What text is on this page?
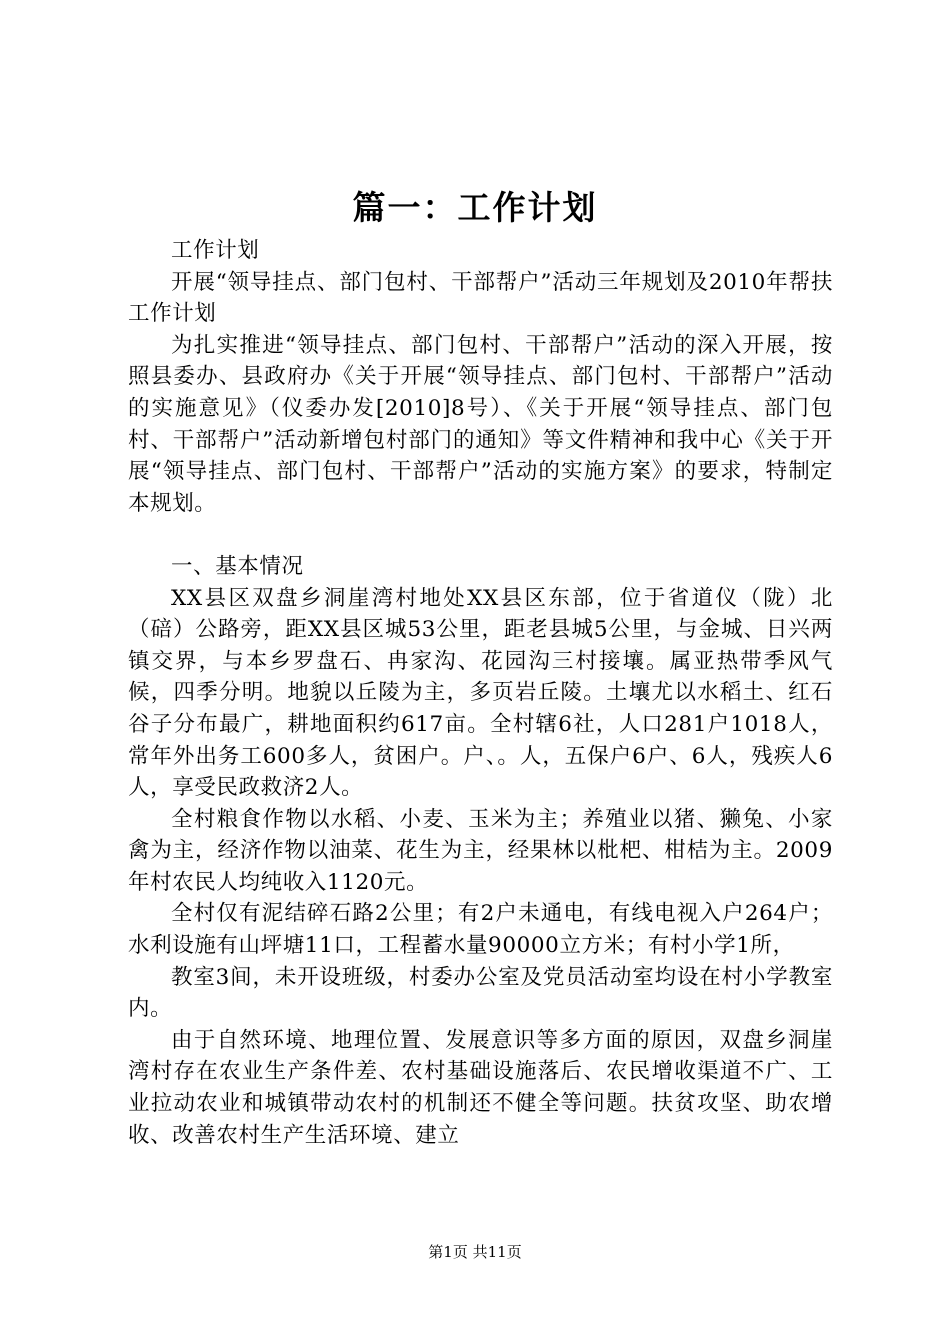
篇一：工作计划

工作计划

开展“领导挂点、部门包村、干部帮户”活动三年规划及2010年帮扶工作计划

为扎实推进“领导挂点、部门包村、干部帮户”活动的深入开展，按照县委办、县政府办《关于开展“领导挂点、部门包村、干部帮户”活动的实施意见》（仪委办发[2010]8号）、《关于开展“领导挂点、部门包村、干部帮户”活动新增包村部门的通知》等文件精神和我中心《关于开展“领导挂点、部门包村、干部帮户”活动的实施方案》的要求，特制定本规划。

一、基本情况

XX县区双盘乡洞崖湾村地处XX县区东部，位于省道仪（陇）北（碚）公路旁，距XX县区城53公里，距老县城5公里，与金城、日兴两镇交界，与本乡罗盘石、冉家沟、花园沟三村接壤。属亚热带季风气候，四季分明。地貌以丘陵为主，多页岩丘陵。土壤尤以水稻土、红石谷子分布最广，耕地面积约617亩。全村辖6社，人口281户1018人，常年外出务工600多人，贫困户。户、。人，五保户6户、6人，残疾人6人，享受民政救济2人。

全村粮食作物以水稻、小麦、玉米为主；养殖业以猪、獭兔、小家禽为主，经济作物以油菜、花生为主，经果林以枇杷、柑桔为主。2009年村农民人均纯收入1120元。

全村仅有泥结碎石路2公里；有2户未通电，有线电视入户264户；水利设施有山坪塘11口，工程蓄水量90000立方米；有村小学1所，

教室3间，未开设班级，村委办公室及党员活动室均设在村小学教室内。

由于自然环境、地理位置、发展意识等多方面的原因，双盘乡洞崖湾村存在农业生产条件差、农村基础设施落后、农民增收渠道不广、工业拉动农业和城镇带动农村的机制还不健全等问题。扶贫攻坚、助农增收、改善农村生产生活环境、建立

第1页 共11页
